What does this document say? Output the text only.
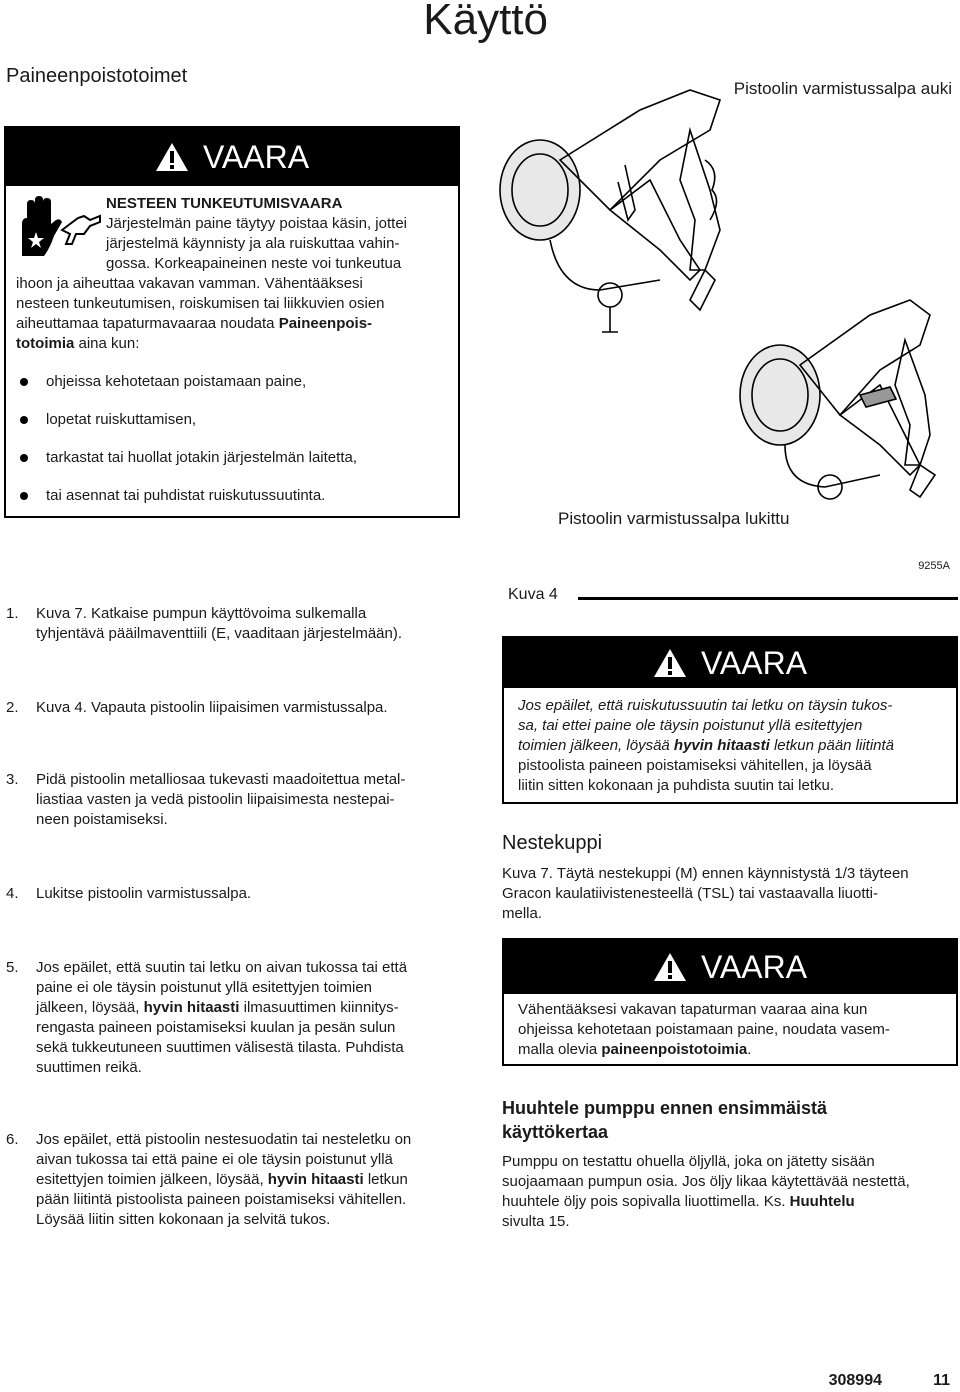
Käyttö
Paineenpoistotoimet
VAARA
NESTEEN TUNKEUTUMISVAARA
Järjestelmän paine täytyy poistaa käsin, jottei
järjestelmä käynnisty ja ala ruiskuttaa vahin-
gossa. Korkeapaineinen neste voi tunkeutua
ihoon ja aiheuttaa vakavan vamman. Vähentääksesi
nesteen tunkeutumisen, roiskumisen tai liikkuvien osien
aiheuttamaa tapaturmavaaraa noudata Paineenpois-
totoimia aina kun:
ohjeissa kehotetaan poistamaan paine,
lopetat ruiskuttamisen,
tarkastat tai huollat jotakin järjestelmän laitetta,
tai asennat tai puhdistat ruiskutussuutinta.
Pistoolin varmistussalpa auki
Pistoolin varmistussalpa lukittu
9255A
Kuva 4
1. Kuva 7. Katkaise pumpun käyttövoima sulkemalla
tyhjentävä pääilmaventtiili (E, vaaditaan järjestelmään).
2. Kuva 4. Vapauta pistoolin liipaisimen varmistussalpa.
3. Pidä pistoolin metalliosaa tukevasti maadoitettua metal-
liastiaa vasten ja vedä pistoolin liipaisimesta nestepai-
neen poistamiseksi.
4. Lukitse pistoolin varmistussalpa.
5. Jos epäilet, että suutin tai letku on aivan tukossa tai että
paine ei ole täysin poistunut yllä esitettyjen toimien
jälkeen, löysää, hyvin hitaasti ilmasuuttimen kiinnitys-
rengasta paineen poistamiseksi kuulan ja pesän sulun
sekä tukkeutuneen suuttimen välisestä tilasta. Puhdista
suuttimen reikä.
6. Jos epäilet, että pistoolin nestesuodatin tai nesteletku on
aivan tukossa tai että paine ei ole täysin poistunut yllä
esitettyjen toimien jälkeen, löysää, hyvin hitaasti letkun
pään liitintä pistoolista paineen poistamiseksi vähitellen.
Löysää liitin sitten kokonaan ja selvitä tukos.
VAARA
Jos epäilet, että ruiskutussuutin tai letku on täysin tukos-
sa, tai ettei paine ole täysin poistunut yllä esitettyjen
toimien jälkeen, löysää hyvin hitaasti letkun pään liitintä
pistoolista paineen poistamiseksi vähitellen, ja löysää
liitin sitten kokonaan ja puhdista suutin tai letku.
Nestekuppi
Kuva 7. Täytä nestekuppi (M) ennen käynnistystä 1/3 täyteen
Gracon kaulatiivistenesteellä (TSL) tai vastaavalla liuotti-
mella.
VAARA
Vähentääksesi vakavan tapaturman vaaraa aina kun
ohjeissa kehotetaan poistamaan paine, noudata vasem-
malla olevia paineenpoistotoimia.
Huuhtele pumppu ennen ensimmäistä
käyttökertaa
Pumppu on testattu ohuella öljyllä, joka on jätetty sisään
suojaamaan pumpun osia. Jos öljy likaa käytettävää nestettä,
huuhtele öljy pois sopivalla liuottimella. Ks. Huuhtelu
sivulta 15.
308994	11
